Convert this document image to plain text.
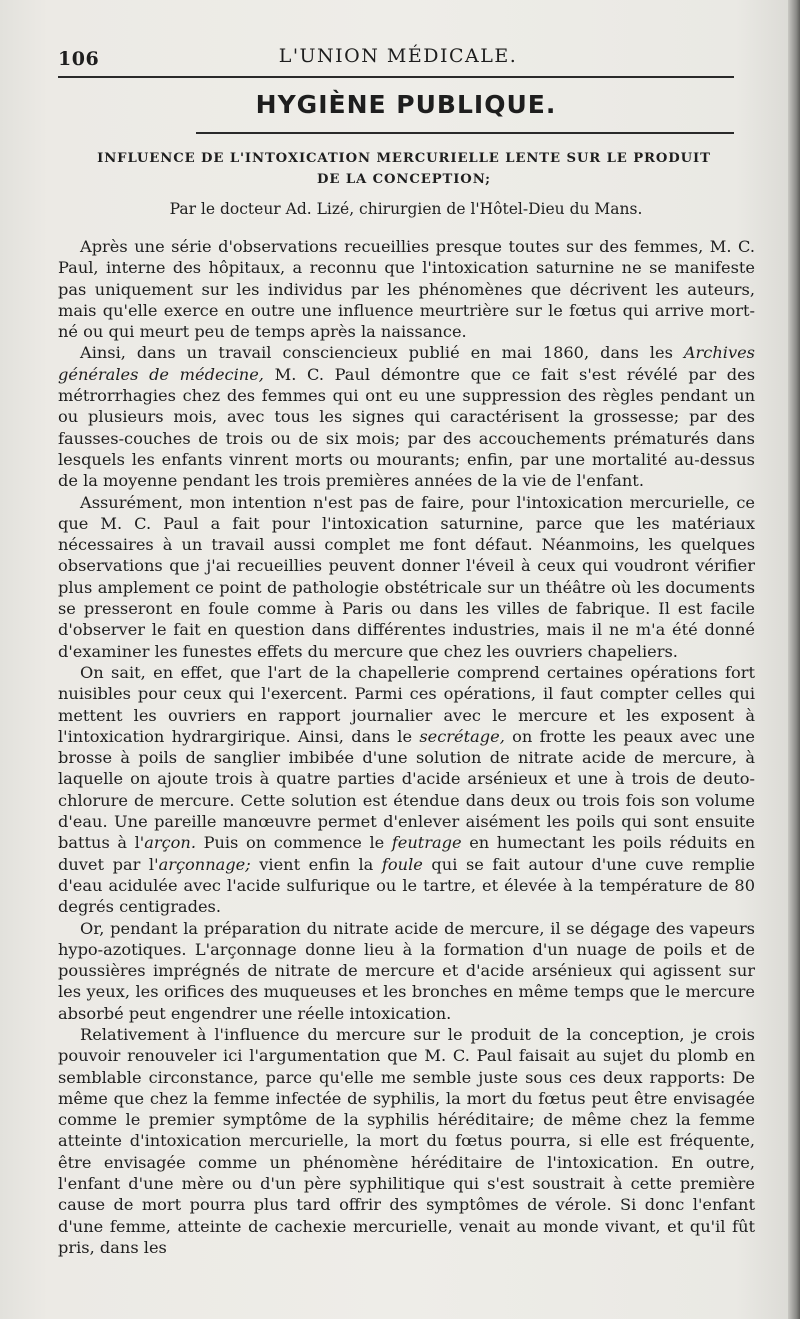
106	L'UNION MÉDICALE.
HYGIÈNE PUBLIQUE.
INFLUENCE DE L'INTOXICATION MERCURIELLE LENTE SUR LE PRODUIT DE LA CONCEPTION;
Par le docteur Ad. Lizé, chirurgien de l'Hôtel-Dieu du Mans.

Après une série d'observations recueillies presque toutes sur des femmes, M. C. Paul, interne des hôpitaux, a reconnu que l'intoxication saturnine ne se manifeste pas uniquement sur les individus par les phénomènes que décrivent les auteurs, mais qu'elle exerce en outre une influence meurtrière sur le fœtus qui arrive mort-né ou qui meurt peu de temps après la naissance.

Ainsi, dans un travail consciencieux publié en mai 1860, dans les Archives générales de médecine, M. C. Paul démontre que ce fait s'est révélé par des métrorrhagies chez des femmes qui ont eu une suppression des règles pendant un ou plusieurs mois, avec tous les signes qui caractérisent la grossesse; par des fausses-couches de trois ou de six mois; par des accouchements prématurés dans lesquels les enfants vinrent morts ou mourants; enfin, par une mortalité au-dessus de la moyenne pendant les trois premières années de la vie de l'enfant.

Assurément, mon intention n'est pas de faire, pour l'intoxication mercurielle, ce que M. C. Paul a fait pour l'intoxication saturnine, parce que les matériaux nécessaires à un travail aussi complet me font défaut. Néanmoins, les quelques observations que j'ai recueillies peuvent donner l'éveil à ceux qui voudront vérifier plus amplement ce point de pathologie obstétricale sur un théâtre où les documents se presseront en foule comme à Paris ou dans les villes de fabrique. Il est facile d'observer le fait en question dans différentes industries, mais il ne m'a été donné d'examiner les funestes effets du mercure que chez les ouvriers chapeliers.

On sait, en effet, que l'art de la chapellerie comprend certaines opérations fort nuisibles pour ceux qui l'exercent. Parmi ces opérations, il faut compter celles qui mettent les ouvriers en rapport journalier avec le mercure et les exposent à l'intoxication hydrargirique. Ainsi, dans le secrétage, on frotte les peaux avec une brosse à poils de sanglier imbibée d'une solution de nitrate acide de mercure, à laquelle on ajoute trois à quatre parties d'acide arsénieux et une à trois de deuto-chlorure de mercure. Cette solution est étendue dans deux ou trois fois son volume d'eau. Une pareille manœuvre permet d'enlever aisément les poils qui sont ensuite battus à l'arçon. Puis on commence le feutrage en humectant les poils réduits en duvet par l'arçonnage; vient enfin la foule qui se fait autour d'une cuve remplie d'eau acidulée avec l'acide sulfurique ou le tartre, et élevée à la température de 80 degrés centigrades.

Or, pendant la préparation du nitrate acide de mercure, il se dégage des vapeurs hypo-azotiques. L'arçonnage donne lieu à la formation d'un nuage de poils et de poussières imprégnés de nitrate de mercure et d'acide arsénieux qui agissent sur les yeux, les orifices des muqueuses et les bronches en même temps que le mercure absorbé peut engendrer une réelle intoxication.

Relativement à l'influence du mercure sur le produit de la conception, je crois pouvoir renouveler ici l'argumentation que M. C. Paul faisait au sujet du plomb en semblable circonstance, parce qu'elle me semble juste sous ces deux rapports: De même que chez la femme infectée de syphilis, la mort du fœtus peut être envisagée comme le premier symptôme de la syphilis héréditaire; de même chez la femme atteinte d'intoxication mercurielle, la mort du fœtus pourra, si elle est fréquente, être envisagée comme un phénomène héréditaire de l'intoxication. En outre, l'enfant d'une mère ou d'un père syphilitique qui s'est soustrait à cette première cause de mort pourra plus tard offrir des symptômes de vérole. Si donc l'enfant d'une femme, atteinte de cachexie mercurielle, venait au monde vivant, et qu'il fût pris, dans les
